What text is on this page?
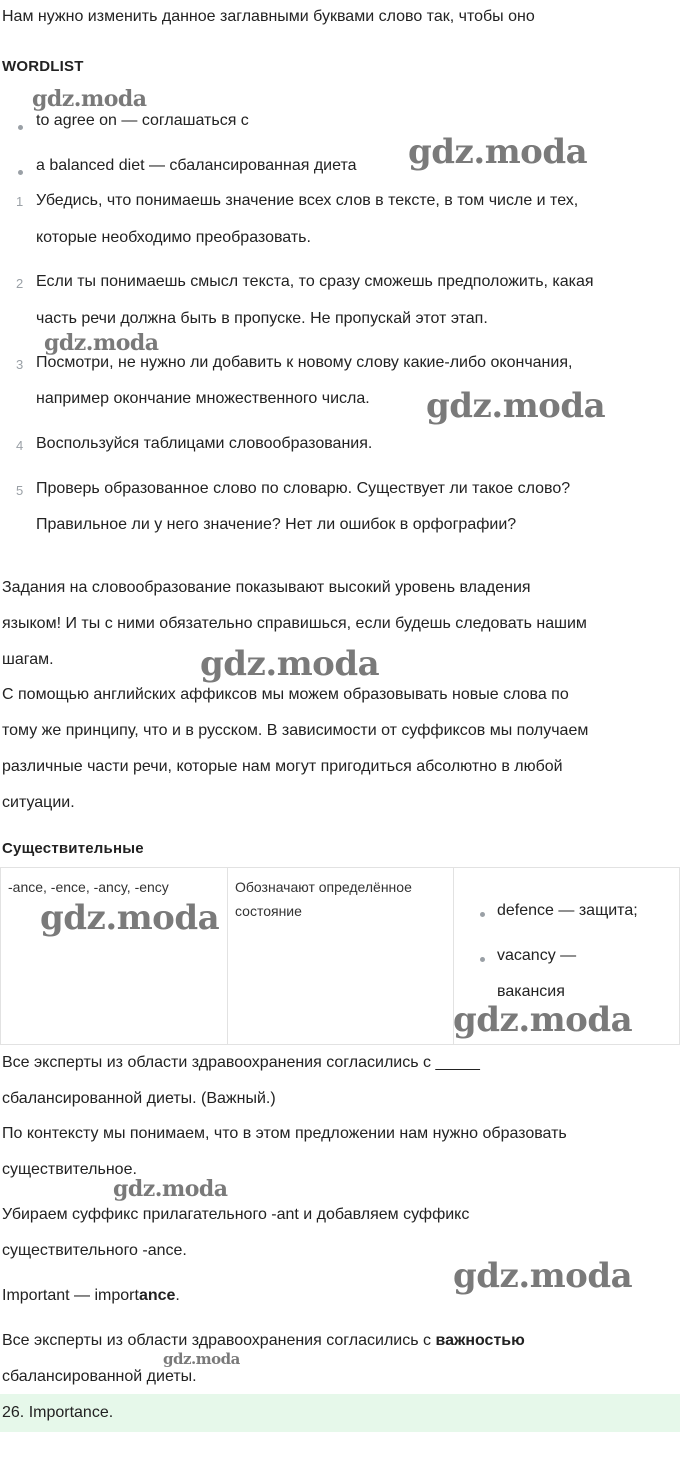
Нам нужно изменить данное заглавными буквами слово так, чтобы оно

WORDLIST
to agree on — соглашаться с
a balanced diet — сбалансированная диета
1 Убедись, что понимаешь значение всех слов в тексте, в том числе и тех,
которые необходимо преобразовать.
2 Если ты понимаешь смысл текста, то сразу сможешь предположить, какая
часть речи должна быть в пропуске. Не пропускай этот этап.
3 Посмотри, не нужно ли добавить к новому слову какие-либо окончания,
например окончание множественного числа.
4 Воспользуйся таблицами словообразования.
5 Проверь образованное слово по словарю. Существует ли такое слово?
Правильное ли у него значение? Нет ли ошибок в орфографии?
Задания на словообразование показывают высокий уровень владения
языком! И ты с ними обязательно справишься, если будешь следовать нашим
шагам.
С помощью английских аффиксов мы можем образовывать новые слова по
тому же принципу, что и в русском. В зависимости от суффиксов мы получаем
различные части речи, которые нам могут пригодиться абсолютно в любой
ситуации.
Существительные
-ance, -ence, -ancy, -ency	Обозначают определённое
состояние	defence — защита;
vacancy —
вакансия
Все эксперты из области здравоохранения согласились с _____
сбалансированной диеты. (Важный.)
По контексту мы понимаем, что в этом предложении нам нужно образовать
существительное.
Убираем суффикс прилагательного -ant и добавляем суффикс
существительного -ance.
Important — importance.
Все эксперты из области здравоохранения согласились с важностью
сбалансированной диеты.
26. Importance.
gdz.moda
gdz.moda
gdz.moda
gdz.moda
gdz.moda
gdz.moda
gdz.moda
gdz.moda
gdz.moda
gdz.moda
